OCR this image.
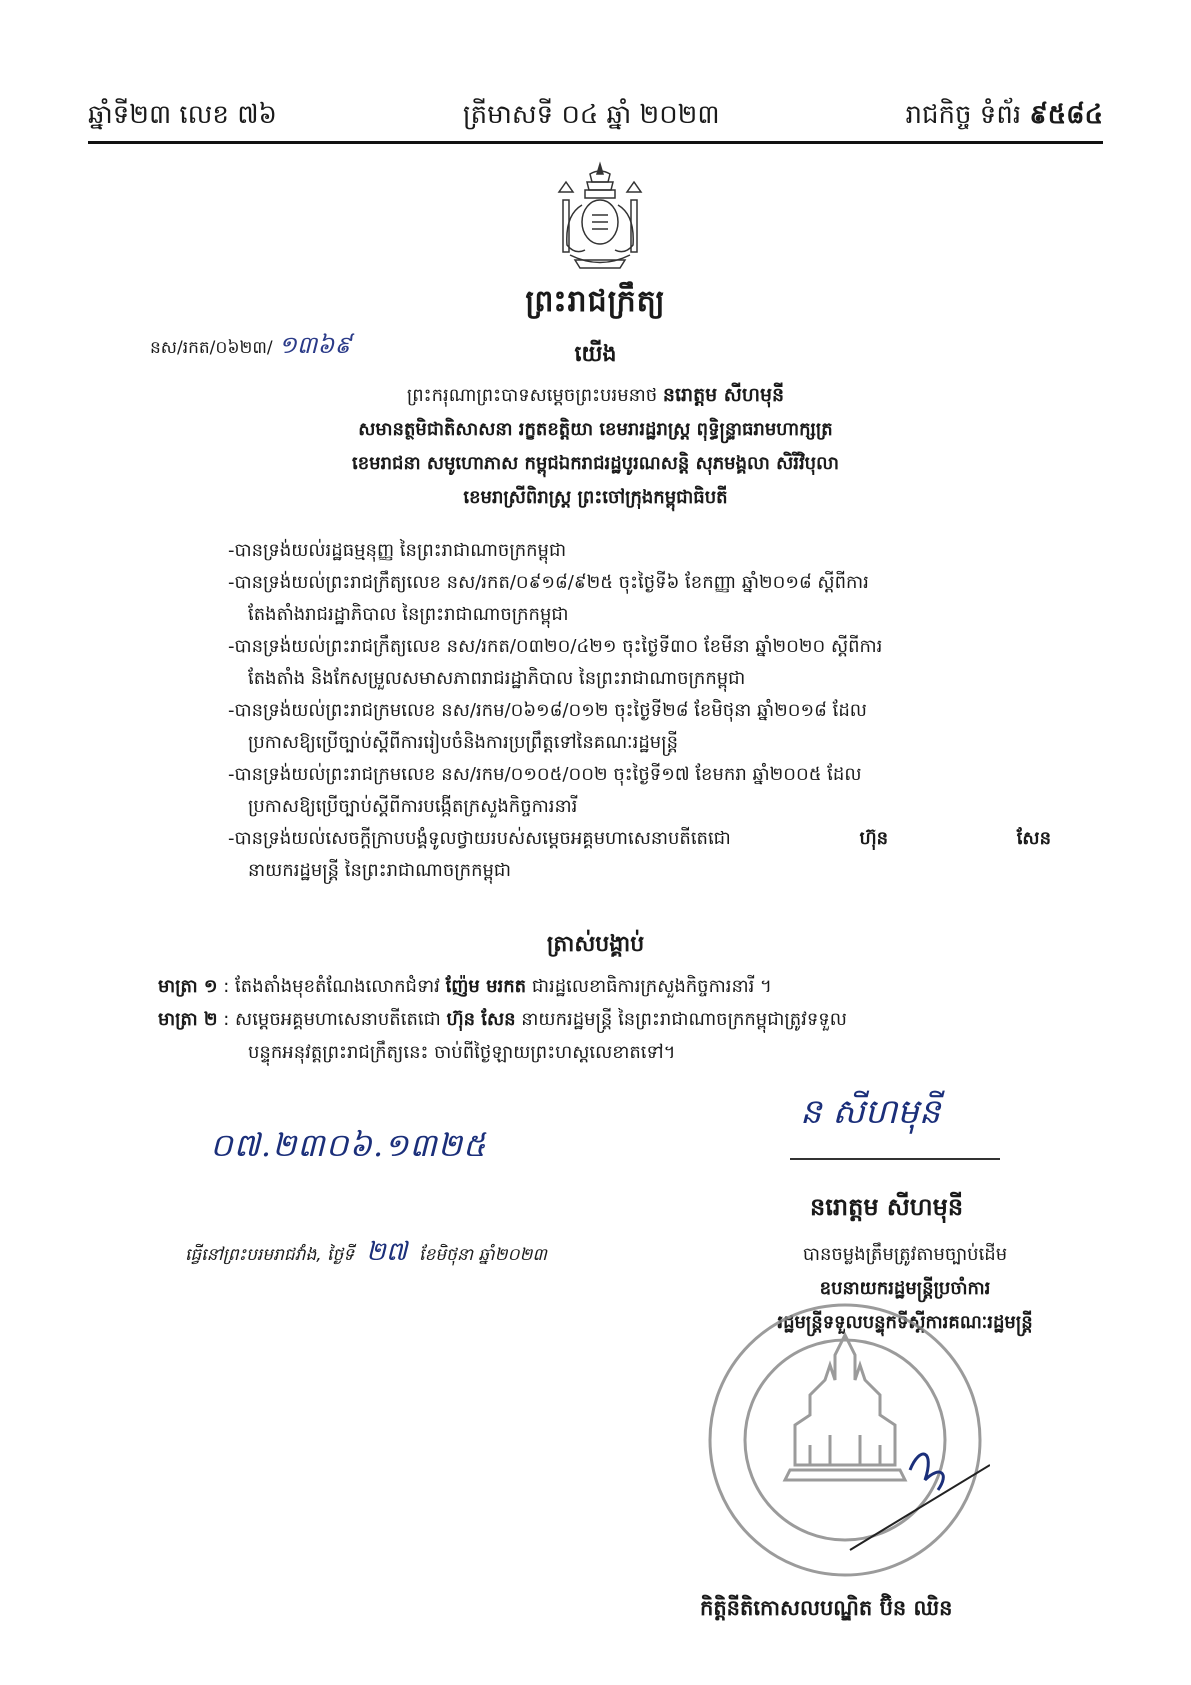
ឆ្នាំទី២៣ លេខ ៧៦	ត្រីមាសទី ០៤ ឆ្នាំ ២០២៣	រាជកិច្ច ទំព័រ ៩៥៨៤
ព្រះរាជក្រឹត្យ
នស/រកត/០៦២៣/ ១៣៦៩	យើង
ព្រះករុណាព្រះបាទសម្តេចព្រះបរមនាថ នរោត្តម សីហមុនី
សមានត្ថមិជាតិសាសនា រក្ខតខត្តិយា ខេមរារដ្ឋរាស្ត្រ ពុទ្ធិន្ទ្រាធរាមហាក្សត្រ
ខេមរាជនា សមូហោភាស កម្ពុជឯករាជរដ្ឋបូរណសន្តិ សុភមង្គលា សិរីវិបុលា
ខេមរាស្រីពិរាស្ត្រ ព្រះចៅក្រុងកម្ពុជាធិបតី
-បានទ្រង់យល់រដ្ឋធម្មនុញ្ញ នៃព្រះរាជាណាចក្រកម្ពុជា
-បានទ្រង់យល់ព្រះរាជក្រឹត្យលេខ នស/រកត/០៩១៨/៩២៥ ចុះថ្ងៃទី៦ ខែកញ្ញា ឆ្នាំ២០១៨ ស្តីពីការ
តែងតាំងរាជរដ្ឋាភិបាល នៃព្រះរាជាណាចក្រកម្ពុជា
-បានទ្រង់យល់ព្រះរាជក្រឹត្យលេខ នស/រកត/០៣២០/៤២១ ចុះថ្ងៃទី៣០ ខែមីនា ឆ្នាំ២០២០ ស្តីពីការ
តែងតាំង និងកែសម្រួលសមាសភាពរាជរដ្ឋាភិបាល នៃព្រះរាជាណាចក្រកម្ពុជា
-បានទ្រង់យល់ព្រះរាជក្រមលេខ នស/រកម/០៦១៨/០១២ ចុះថ្ងៃទី២៨ ខែមិថុនា ឆ្នាំ២០១៨ ដែល
ប្រកាសឱ្យប្រើច្បាប់ស្តីពីការរៀបចំនិងការប្រព្រឹត្តទៅនៃគណៈរដ្ឋមន្ត្រី
-បានទ្រង់យល់ព្រះរាជក្រមលេខ នស/រកម/០១០៥/០០២ ចុះថ្ងៃទី១៧ ខែមករា ឆ្នាំ២០០៥ ដែល
ប្រកាសឱ្យប្រើច្បាប់ស្តីពីការបង្កើតក្រសួងកិច្ចការនារី
-បានទ្រង់យល់សេចក្តីក្រាបបង្គំទូលថ្វាយរបស់សម្តេចអគ្គមហាសេនាបតីតេជោ	ហ៊ុន	សែន
នាយករដ្ឋមន្ត្រី នៃព្រះរាជាណាចក្រកម្ពុជា
ត្រាស់បង្គាប់
មាត្រា ១ : តែងតាំងមុខតំណែងលោកជំទាវ ញ៉ែម មរកត ជារដ្ឋលេខាធិការក្រសួងកិច្ចការនារី ។
មាត្រា ២ : សម្តេចអគ្គមហាសេនាបតីតេជោ ហ៊ុន សែន នាយករដ្ឋមន្ត្រី នៃព្រះរាជាណាចក្រកម្ពុជាត្រូវទទួល
បន្ទុកអនុវត្តព្រះរាជក្រឹត្យនេះ ចាប់ពីថ្ងៃឡាយព្រះហស្តលេខាតទៅ។
០៧.២៣០៦.១៣២៥
ន សីហមុនី
នរោត្តម សីហមុនី
ធ្វើនៅព្រះបរមរាជវាំង, ថ្ងៃទី ២៧ ខែមិថុនា ឆ្នាំ២០២៣	បានចម្លងត្រឹមត្រូវតាមច្បាប់ដើម
ឧបនាយករដ្ឋមន្ត្រីប្រចាំការ
រដ្ឋមន្ត្រីទទួលបន្ទុកទីស្តីការគណៈរដ្ឋមន្ត្រី
កិត្តិនីតិកោសលបណ្ឌិត ប៊ិន ឈិន
